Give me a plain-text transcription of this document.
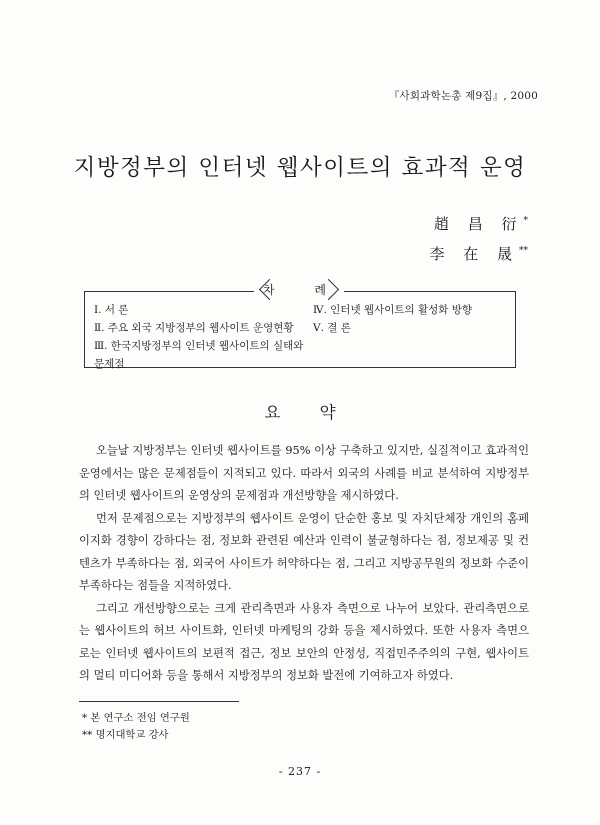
『사회과학논총 제9집』, 2000
지방정부의 인터넷 웹사이트의 효과적 운영
趙 昌 衍*
李 在 晟**
차 례
Ⅰ. 서 론
Ⅱ. 주요 외국 지방정부의 웹사이트 운영현황
Ⅲ. 한국지방정부의 인터넷 웹사이트의 실태와 문제점
Ⅳ. 인터넷 웹사이트의 활성화 방향
Ⅴ. 결 론
요 약

오늘날 지방정부는 인터넷 웹사이트를 95% 이상 구축하고 있지만, 실질적이고 효과적인 운영에서는 많은 문제점들이 지적되고 있다. 따라서 외국의 사례를 비교 분석하여 지방정부의 인터넷 웹사이트의 운영상의 문제점과 개선방향을 제시하였다.

먼저 문제점으로는 지방정부의 웹사이트 운영이 단순한 홍보 및 자치단체장 개인의 홈페이지화 경향이 강하다는 점, 정보화 관련된 예산과 인력이 불균형하다는 점, 정보제공 및 컨텐츠가 부족하다는 점, 외국어 사이트가 허약하다는 점, 그리고 지방공무원의 정보화 수준이 부족하다는 점들을 지적하였다.

그리고 개선방향으로는 크게 관리측면과 사용자 측면으로 나누어 보았다. 관리측면으로는 웹사이트의 허브 사이트화, 인터넷 마케팅의 강화 등을 제시하였다. 또한 사용자 측면으로는 인터넷 웹사이트의 보편적 접근, 정보 보안의 안정성, 직접민주주의의 구현, 웹사이트의 멀티 미디어화 등을 통해서 지방정부의 정보화 발전에 기여하고자 하였다.

* 본 연구소 전임 연구원
** 명지대학교 강사
- 237 -
